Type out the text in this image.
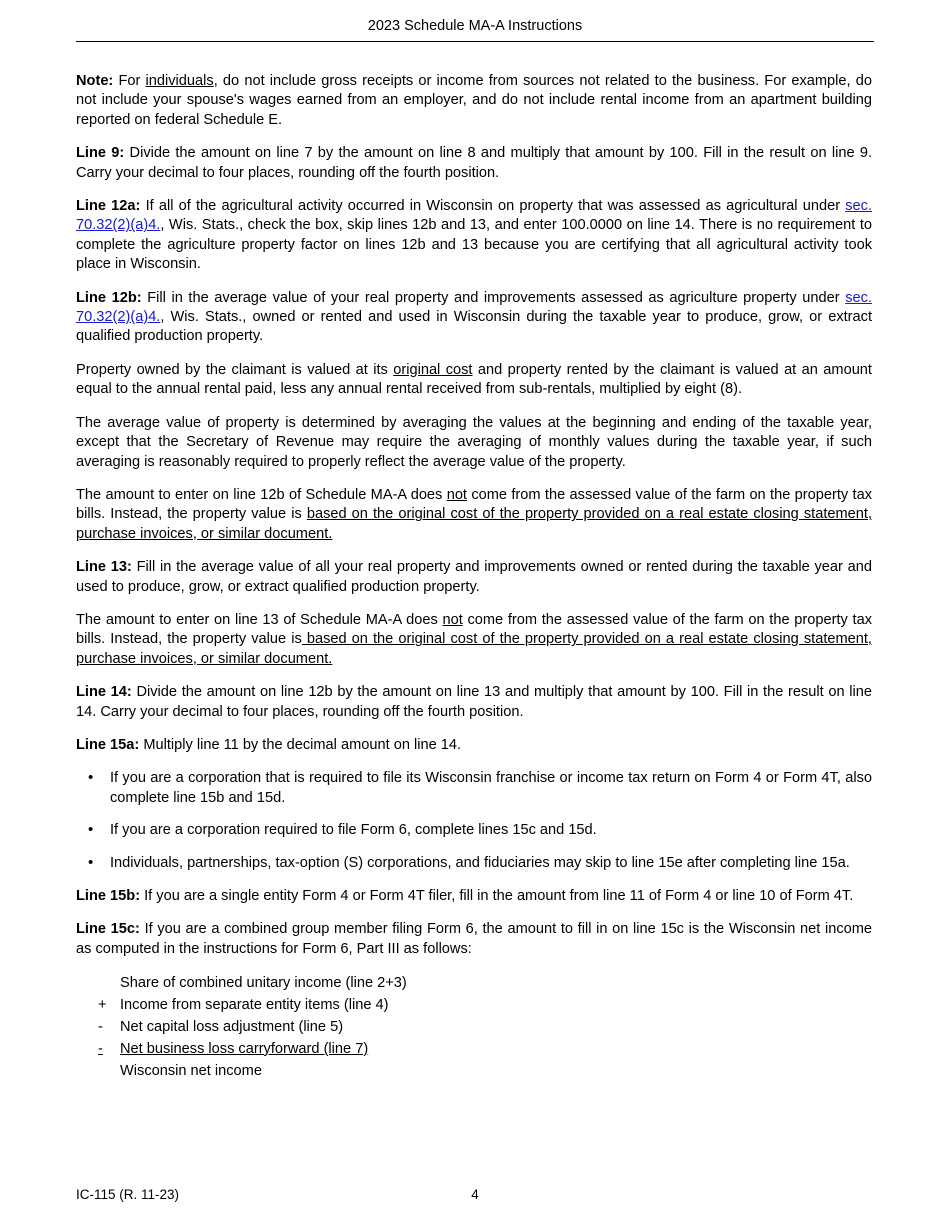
2023 Schedule MA-A Instructions

Note: For individuals, do not include gross receipts or income from sources not related to the business. For example, do not include your spouse's wages earned from an employer, and do not include rental income from an apartment building reported on federal Schedule E.

Line 9: Divide the amount on line 7 by the amount on line 8 and multiply that amount by 100. Fill in the result on line 9. Carry your decimal to four places, rounding off the fourth position.

Line 12a: If all of the agricultural activity occurred in Wisconsin on property that was assessed as agricultural under sec. 70.32(2)(a)4., Wis. Stats., check the box, skip lines 12b and 13, and enter 100.0000 on line 14. There is no requirement to complete the agriculture property factor on lines 12b and 13 because you are certifying that all agricultural activity took place in Wisconsin.

Line 12b: Fill in the average value of your real property and improvements assessed as agriculture property under sec. 70.32(2)(a)4., Wis. Stats., owned or rented and used in Wisconsin during the taxable year to produce, grow, or extract qualified production property.

Property owned by the claimant is valued at its original cost and property rented by the claimant is valued at an amount equal to the annual rental paid, less any annual rental received from sub-rentals, multiplied by eight (8).

The average value of property is determined by averaging the values at the beginning and ending of the taxable year, except that the Secretary of Revenue may require the averaging of monthly values during the taxable year, if such averaging is reasonably required to properly reflect the average value of the property.

The amount to enter on line 12b of Schedule MA-A does not come from the assessed value of the farm on the property tax bills. Instead, the property value is based on the original cost of the property provided on a real estate closing statement, purchase invoices, or similar document.

Line 13: Fill in the average value of all your real property and improvements owned or rented during the taxable year and used to produce, grow, or extract qualified production property.

The amount to enter on line 13 of Schedule MA-A does not come from the assessed value of the farm on the property tax bills. Instead, the property value is based on the original cost of the property provided on a real estate closing statement, purchase invoices, or similar document.

Line 14: Divide the amount on line 12b by the amount on line 13 and multiply that amount by 100. Fill in the result on line 14. Carry your decimal to four places, rounding off the fourth position.

Line 15a: Multiply line 11 by the decimal amount on line 14.

• If you are a corporation that is required to file its Wisconsin franchise or income tax return on Form 4 or Form 4T, also complete line 15b and 15d.
• If you are a corporation required to file Form 6, complete lines 15c and 15d.
• Individuals, partnerships, tax-option (S) corporations, and fiduciaries may skip to line 15e after completing line 15a.

Line 15b: If you are a single entity Form 4 or Form 4T filer, fill in the amount from line 11 of Form 4 or line 10 of Form 4T.

Line 15c: If you are a combined group member filing Form 6, the amount to fill in on line 15c is the Wisconsin net income as computed in the instructions for Form 6, Part III as follows:

Share of combined unitary income (line 2+3)
+ Income from separate entity items (line 4)
-	Net capital loss adjustment (line 5)
-	Net business loss carryforward (line 7)
Wisconsin net income
IC-115 (R. 11-23)	4
